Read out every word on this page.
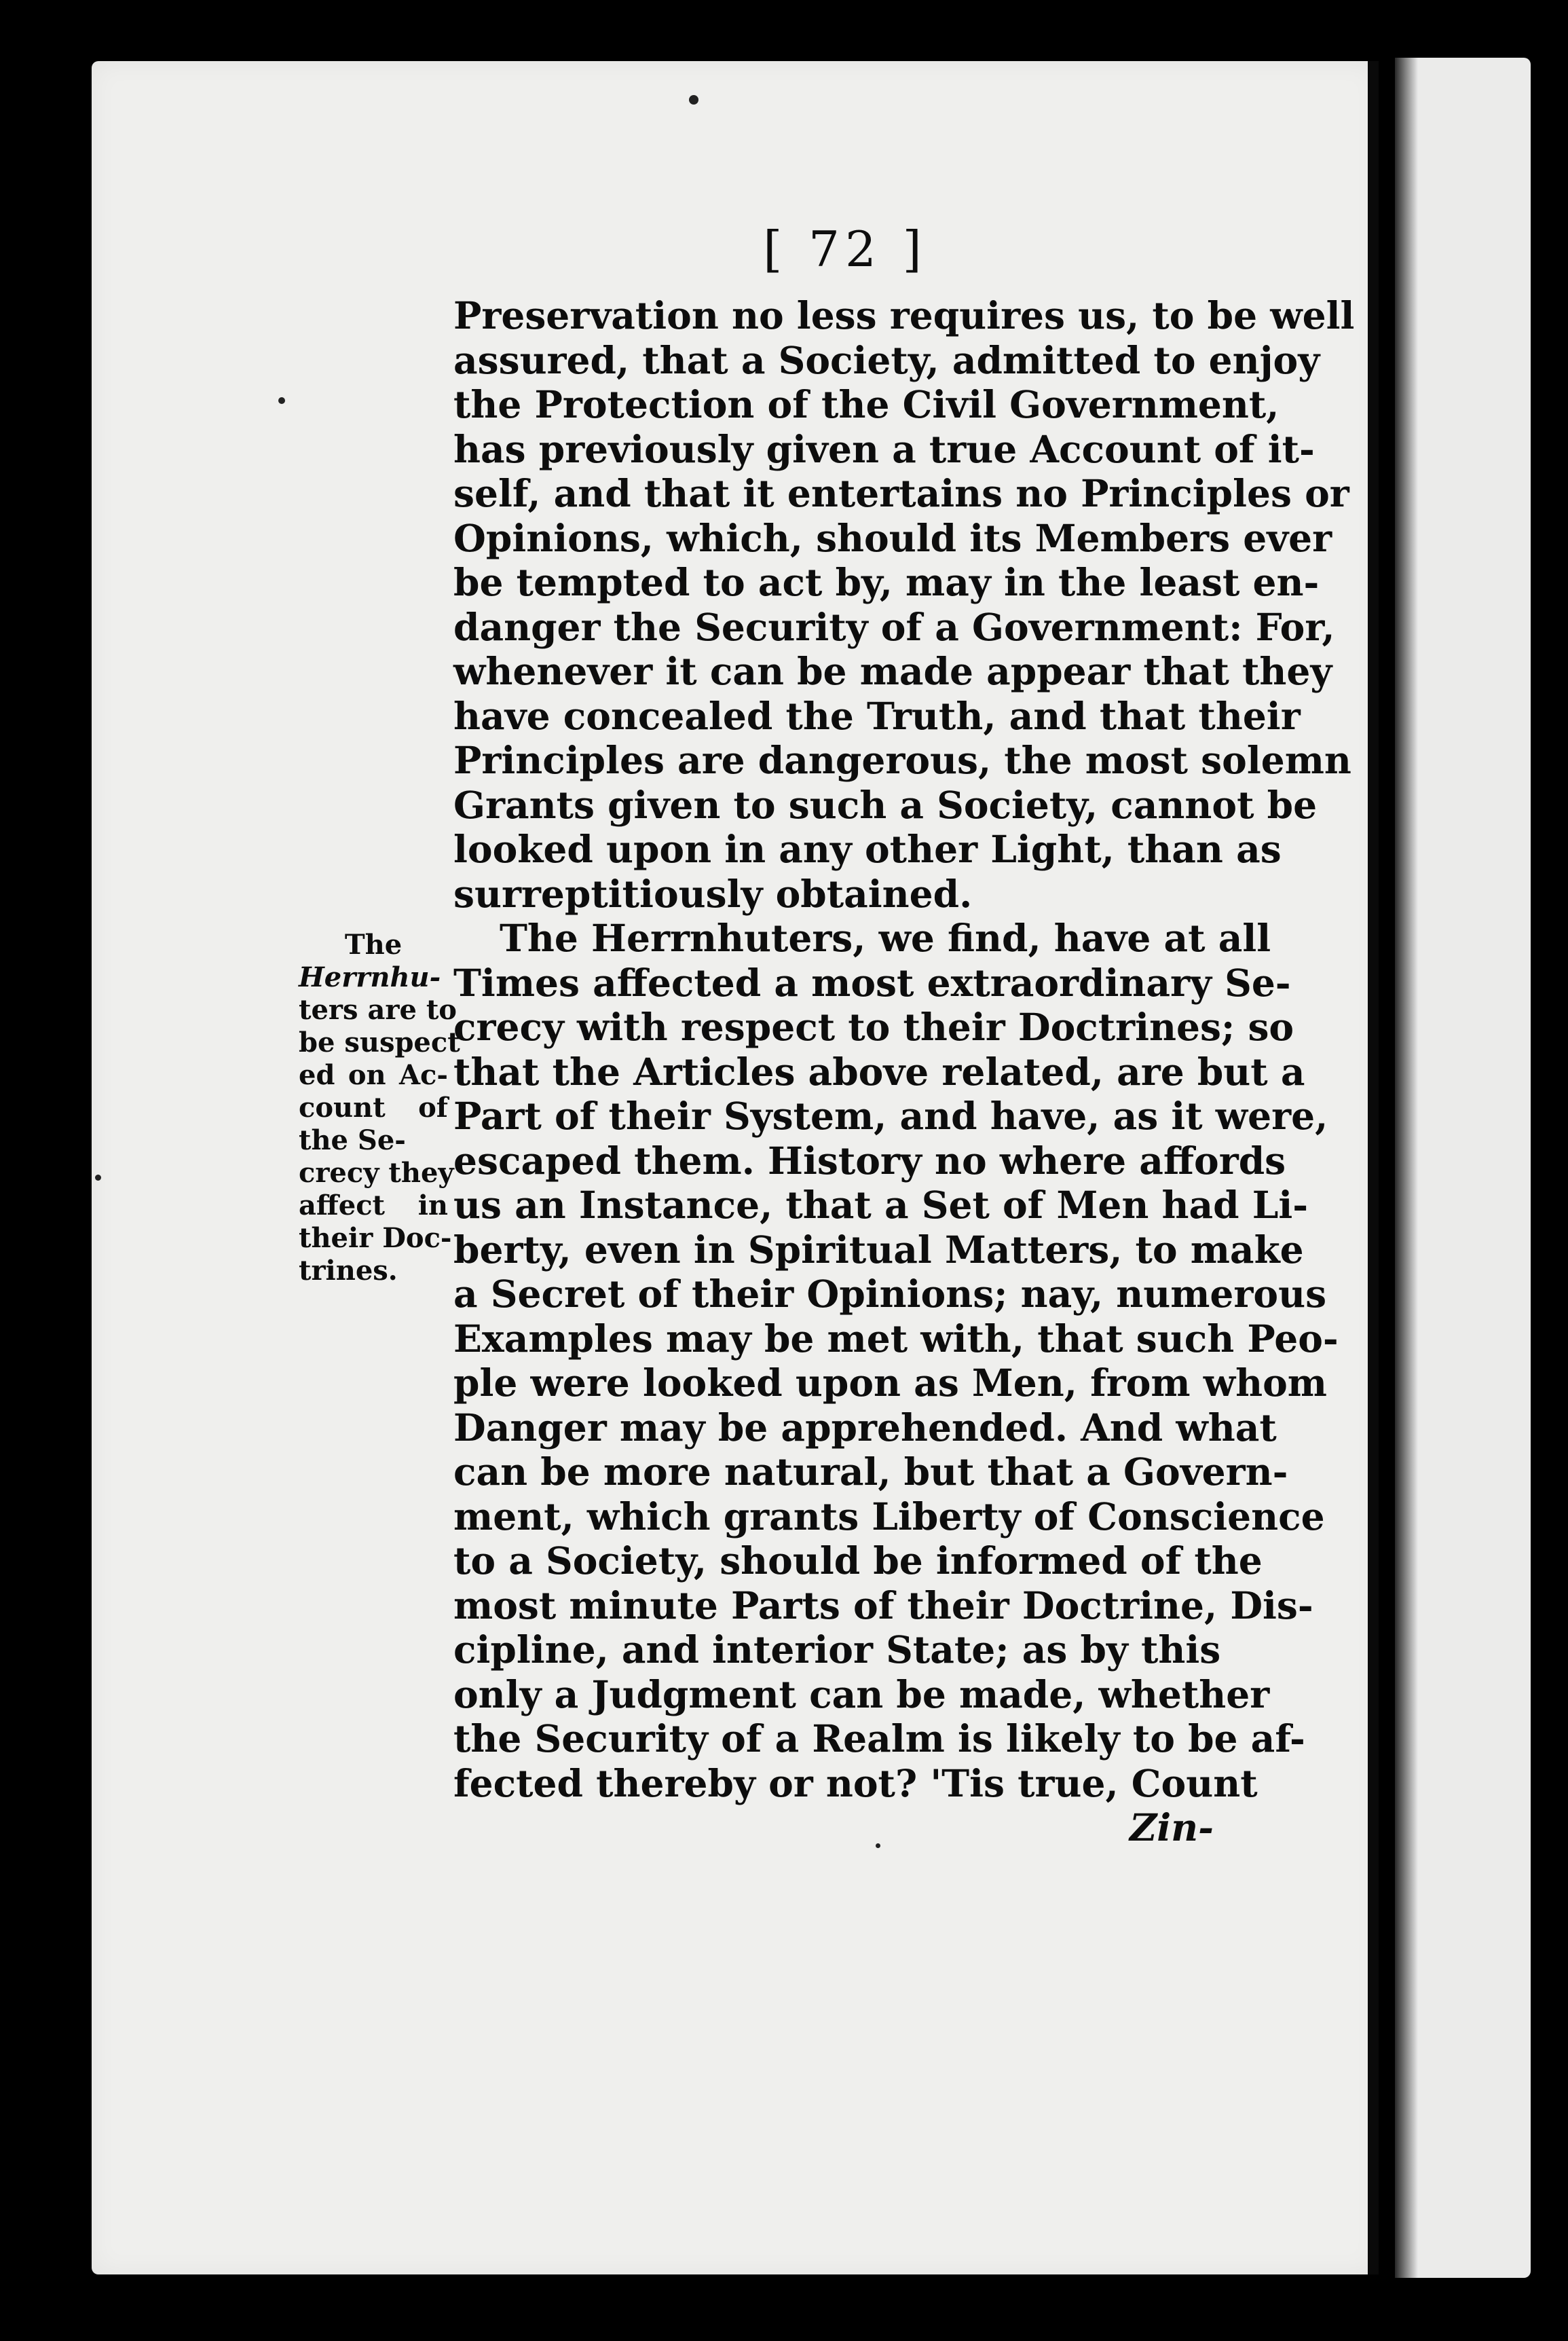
[ 72 ]
The
Herrnhu-
ters are to
be suspect
ed on Ac-
count of
the Se-
crecy they
affect in
their Doc-
trines.
Preservation no less requires us, to be well
assured, that a Society, admitted to enjoy
the Protection of the Civil Government,
has previously given a true Account of it-
self, and that it entertains no Principles or
Opinions, which, should its Members ever
be tempted to act by, may in the least en-
danger the Security of a Government: For,
whenever it can be made appear that they
have concealed the Truth, and that their
Principles are dangerous, the most solemn
Grants given to such a Society, cannot be
looked upon in any other Light, than as
surreptitiously obtained.
The Herrnhuters, we find, have at all
Times affected a most extraordinary Se-
crecy with respect to their Doctrines; so
that the Articles above related, are but a
Part of their System, and have, as it were,
escaped them. History no where affords
us an Instance, that a Set of Men had Li-
berty, even in Spiritual Matters, to make
a Secret of their Opinions; nay, numerous
Examples may be met with, that such Peo-
ple were looked upon as Men, from whom
Danger may be apprehended. And what
can be more natural, but that a Govern-
ment, which grants Liberty of Conscience
to a Society, should be informed of the
most minute Parts of their Doctrine, Dis-
cipline, and interior State; as by this
only a Judgment can be made, whether
the Security of a Realm is likely to be af-
fected thereby or not? 'Tis true, Count
Zin-
